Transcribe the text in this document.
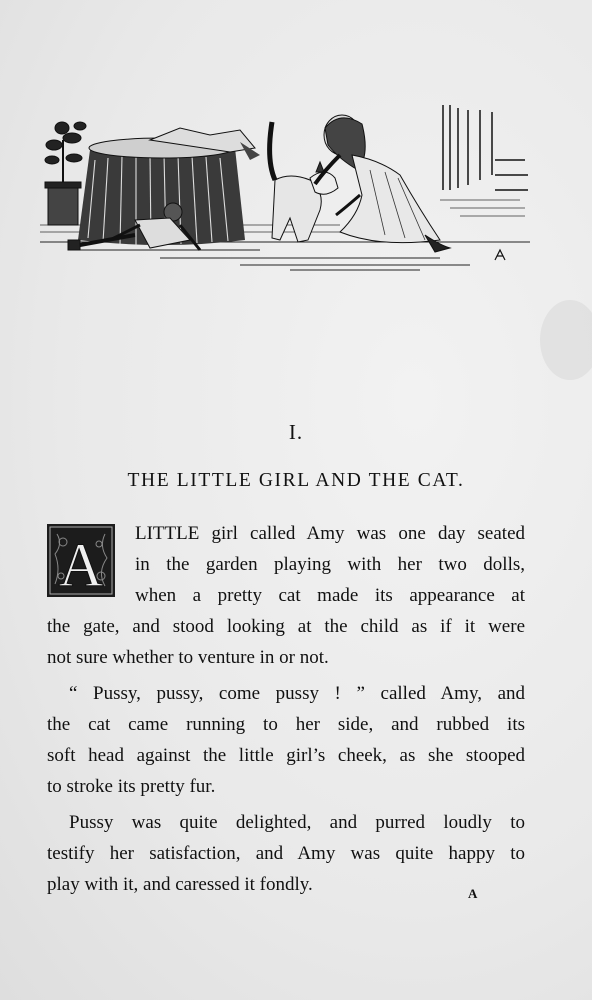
I.
THE LITTLE GIRL AND THE CAT.
A	LITTLE girl called Amy was one day seated
in the garden playing with her two dolls,
when a pretty cat made its appearance at
the gate, and stood looking at the child as if it were
not sure whether to venture in or not.
“ Pussy, pussy, come pussy ! ” called Amy, and
the cat came running to her side, and rubbed its
soft head against the little girl’s cheek, as she stooped
to stroke its pretty fur.
Pussy was quite delighted, and purred loudly to
testify her satisfaction, and Amy was quite happy to
play with it, and caressed it fondly.	A
